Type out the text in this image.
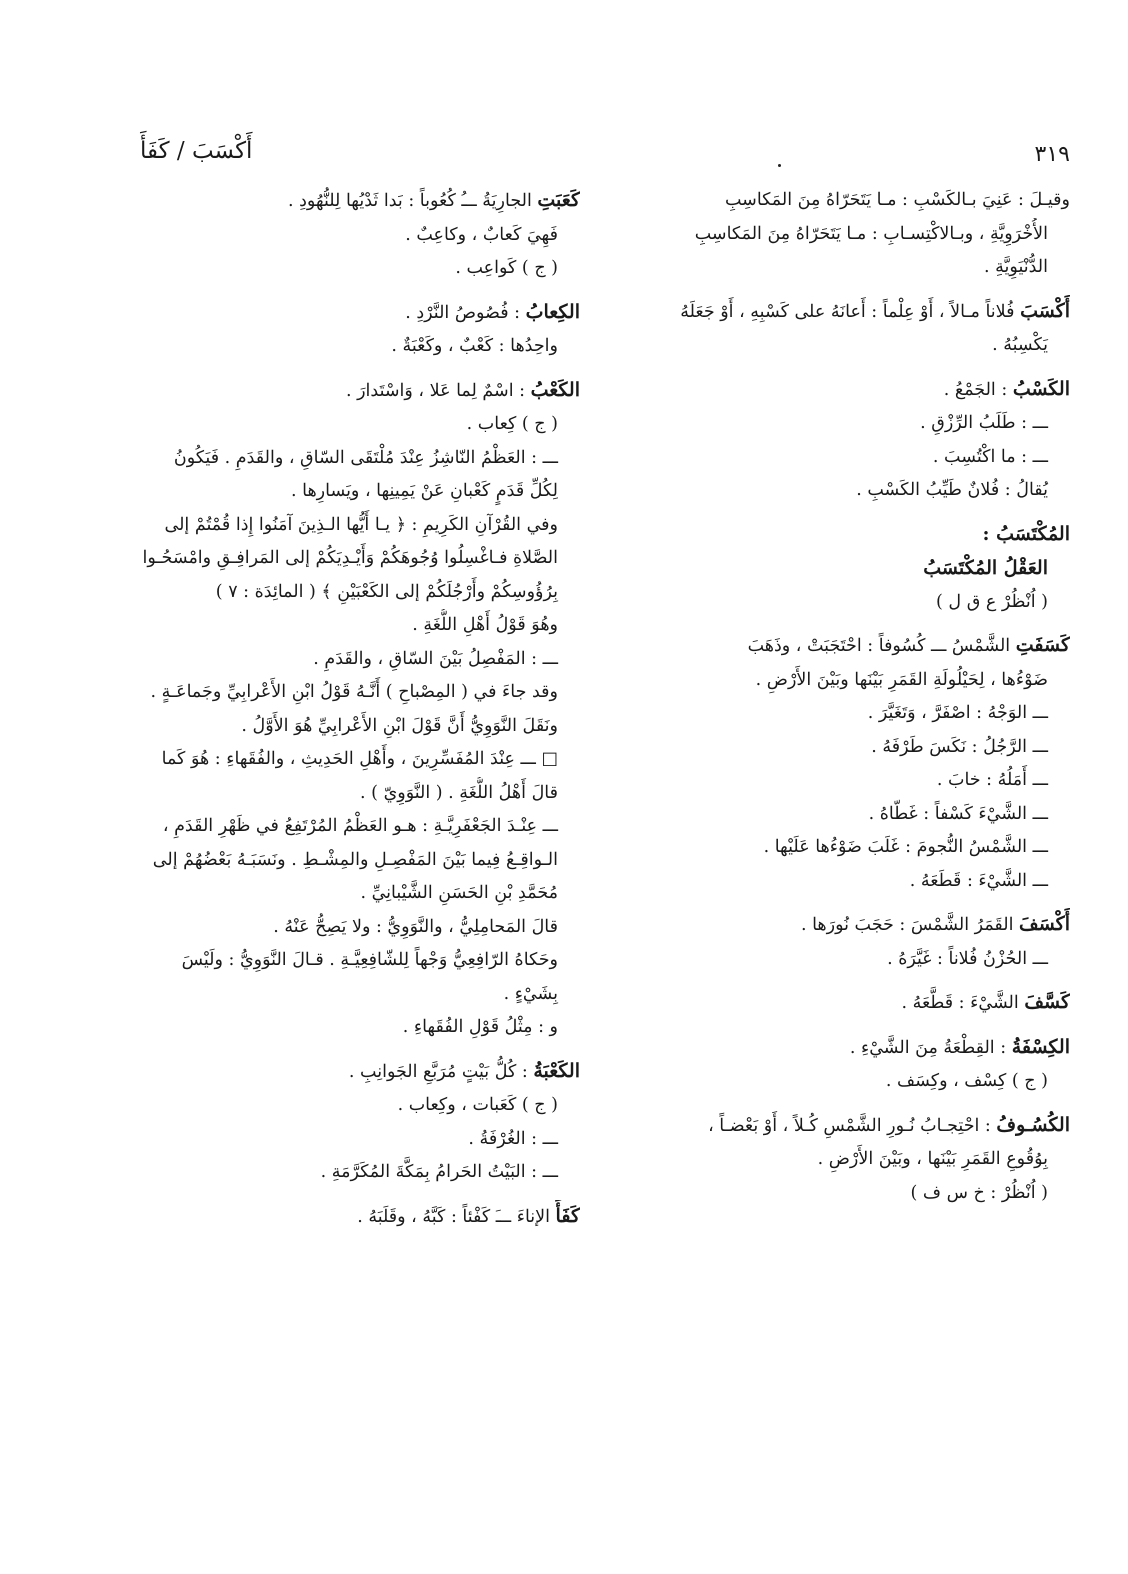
٣١٩
أَكْسَبَ / كَفَأَ
وقيـلَ : عَنِيَ بـالكَسْبِ : مـا يَتَحَرّاهُ مِنَ المَكاسِبِ
الأُخْرَوِيَّةِ ، وبـالاكْتِسـابِ : مـا يَتَحَرّاهُ مِنَ المَكاسِبِ
الدُّنْيَوِيَّةِ .
أَكْسَبَ فُلاناً مـالاً ، أَوْ عِلْماً : أَعانَهُ على كَسْبِهِ ، أَوْ جَعَلَهُ
يَكْسِبُهُ .
الكَسْبُ : الجَمْعُ .
ـــ : طَلَبُ الرِّزْقِ .
ـــ : ما اكْتُسِبَ .
يُقالُ : فُلانٌ طَيِّبُ الكَسْبِ .
المُكْتَسَبُ :
العَقْلُ المُكْتَسَبُ
( اُنْظُرْ ع ق ل )
كَسَفَتِ الشَّمْسُ ـــ كُسُوفاً : احْتَجَبَتْ ، وذَهَبَ
ضَوْءُها ، لِحَيْلُولَةِ القَمَرِ بَيْنَها وبَيْنَ الأَرْضِ .
ـــ الوَجْهُ : اصْفَرَّ ، وَتَغَيَّرَ .
ـــ الرَّجُلُ : نَكَسَ طَرْفَهُ .
ـــ أَمَلُهُ : خابَ .
ـــ الشَّيْءَ كَسْفاً : غَطّاهُ .
ـــ الشَّمْسُ النُّجومَ : غَلَبَ ضَوْءُها عَلَيْها .
ـــ الشَّيْءَ : قَطَعَهُ .
أَكْسَفَ القَمَرُ الشَّمْسَ : حَجَبَ نُورَها .
ـــ الحُزْنُ فُلاناً : غَيَّرَهُ .
كَسَّفَ الشَّيْءَ : قَطَّعَهُ .
الكِسْفَةُ : القِطْعَةُ مِنَ الشَّيْءِ .
( ج ) كِسْف ، وكِسَف .
الكُسُـوفُ : احْتِجـابُ نُـورِ الشَّمْسِ كُـلاً ، أَوْ بَعْضـاً ،
بِوُقُوعِ القَمَرِ بَيْنَها ، وبَيْنَ الأَرْضِ .
( اُنْظُرْ : خ س ف )
كَعَبَتِ الجارِيَةُ ـــُ كُعُوباً : بَدا ثَدْيُها لِلنُّهُودِ .
فَهِيَ كَعابٌ ، وكاعِبٌ .
( ج ) كَواعِب .
الكِعابُ : فُصُوصُ النَّرْدِ .
واحِدُها : كَعْبٌ ، وكَعْبَةٌ .
الكَعْبُ : اسْمٌ لِما عَلا ، وَاسْتَدارَ .
( ج ) كِعاب .
ـــ : العَظْمُ النّاشِزُ عِنْدَ مُلْتَقَى السّاقِ ، والقَدَمِ . فَيَكُونُ
لِكُلِّ قَدَمٍ كَعْبانِ عَنْ يَمِينِها ، ويَسارِها .
وفي القُرْآنِ الكَرِيمِ : ﴿ يـا أَيُّها الـذِينَ آمَنُوا إِذا قُمْتُمْ إلى
الصَّلاةِ فـاغْسِلُوا وُجُوهَكُمْ وَأَيْـدِيَكُمْ إلى المَرافِـقِ وامْسَحُـوا
بِرُؤُوسِكُمْ وأَرْجُلَكُمْ إلى الكَعْبَيْنِ ﴾ ( المائِدَة : ٧ )
وهُوَ قَوْلُ أَهْلِ اللُّغَةِ .
ـــ : المَفْصِلُ بَيْنَ السّاقِ ، والقَدَمِ .
وقد جاءَ في ( المِصْباحِ ) أَنَّـهُ قَوْلُ ابْنِ الأَعْرابِيِّ وجَماعَـةٍ .
ونَقَلَ النَّوَوِيُّ أَنَّ قَوْلَ ابْنِ الأَعْرابِيِّ هُوَ الأَوَّلُ .
□ ـــ عِنْدَ المُفَسِّرِينَ ، وأَهْلِ الحَدِيثِ ، والفُقَهاءِ : هُوَ كَما
قالَ أَهْلُ اللُّغَةِ . ( النَّوَوِيّ ) .
ـــ عِنْـدَ الجَعْفَرِيَّـةِ : هـو العَظْمُ المُرْتَفِعُ في ظَهْرِ القَدَمِ ،
الـواقِـعُ فِيما بَيْنَ المَفْصِـلِ والمِشْـطِ . ونَسَبَـهُ بَعْضُهُمْ إلى
مُحَمَّدِ بْنِ الحَسَنِ الشَّيْبانِيِّ .
قالَ المَحامِلِيُّ ، والنَّوَوِيُّ : ولا يَصِحُّ عَنْهُ .
وحَكاهُ الرّافِعِيُّ وَجْهاً لِلشّافِعِيَّـةِ . قـالَ النَّوَوِيُّ : ولَيْسَ
بِشَيْءٍ .
و : مِثْلُ قَوْلِ الفُقَهاءِ .
الكَعْبَةُ : كُلُّ بَيْتٍ مُرَبَّعِ الجَوانِبِ .
( ج ) كَعَبات ، وكِعاب .
ـــ : الغُرْفَةُ .
ـــ : البَيْتُ الحَرامُ بِمَكَّةَ المُكَرَّمَةِ .
كَفَأَ الإناءَ ـــَ كَفْئاً : كَبَّهُ ، وقَلَبَهُ .
